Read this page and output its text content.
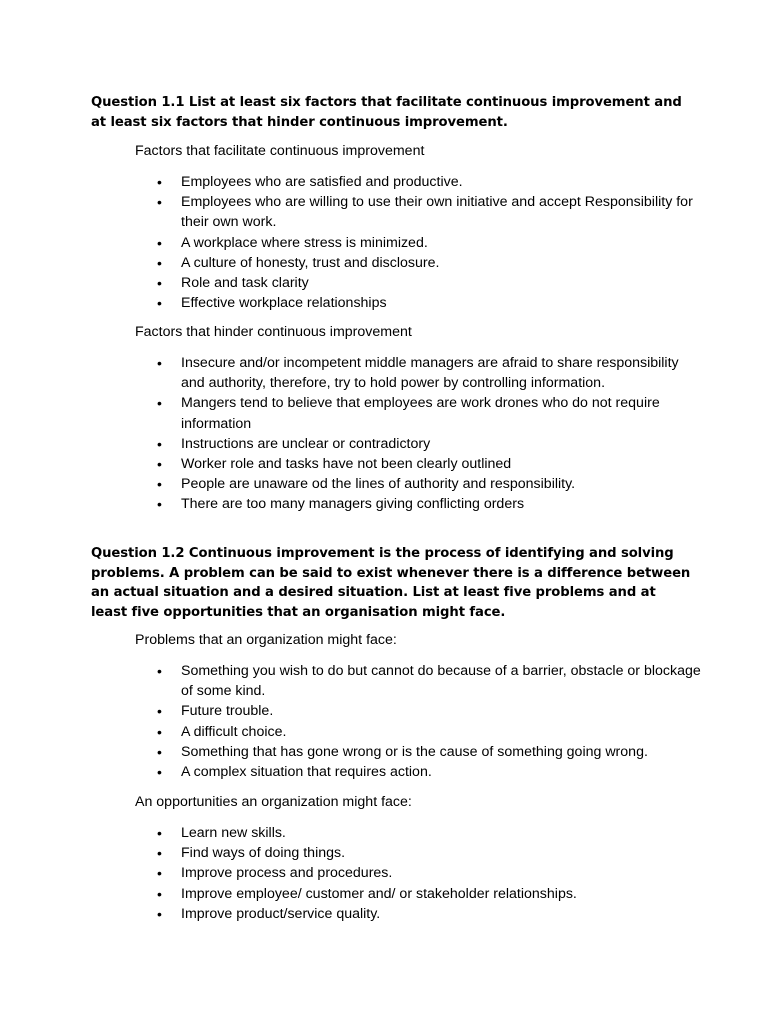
Question 1.1 List at least six factors that facilitate continuous improvement and at least six factors that hinder continuous improvement.
Factors that facilitate continuous improvement
• Employees who are satisfied and productive.
• Employees who are willing to use their own initiative and accept Responsibility for their own work.
• A workplace where stress is minimized.
• A culture of honesty, trust and disclosure.
• Role and task clarity
• Effective workplace relationships
Factors that hinder continuous improvement
• Insecure and/or incompetent middle managers are afraid to share responsibility and authority, therefore, try to hold power by controlling information.
• Mangers tend to believe that employees are work drones who do not require information
• Instructions are unclear or contradictory
• Worker role and tasks have not been clearly outlined
• People are unaware od the lines of authority and responsibility.
• There are too many managers giving conflicting orders
Question 1.2 Continuous improvement is the process of identifying and solving problems. A problem can be said to exist whenever there is a difference between an actual situation and a desired situation. List at least five problems and at least five opportunities that an organisation might face.
Problems that an organization might face:
• Something you wish to do but cannot do because of a barrier, obstacle or blockage of some kind.
• Future trouble.
• A difficult choice.
• Something that has gone wrong or is the cause of something going wrong.
• A complex situation that requires action.
An opportunities an organization might face:
• Learn new skills.
• Find ways of doing things.
• Improve process and procedures.
• Improve employee/ customer and/ or stakeholder relationships.
• Improve product/service quality.
